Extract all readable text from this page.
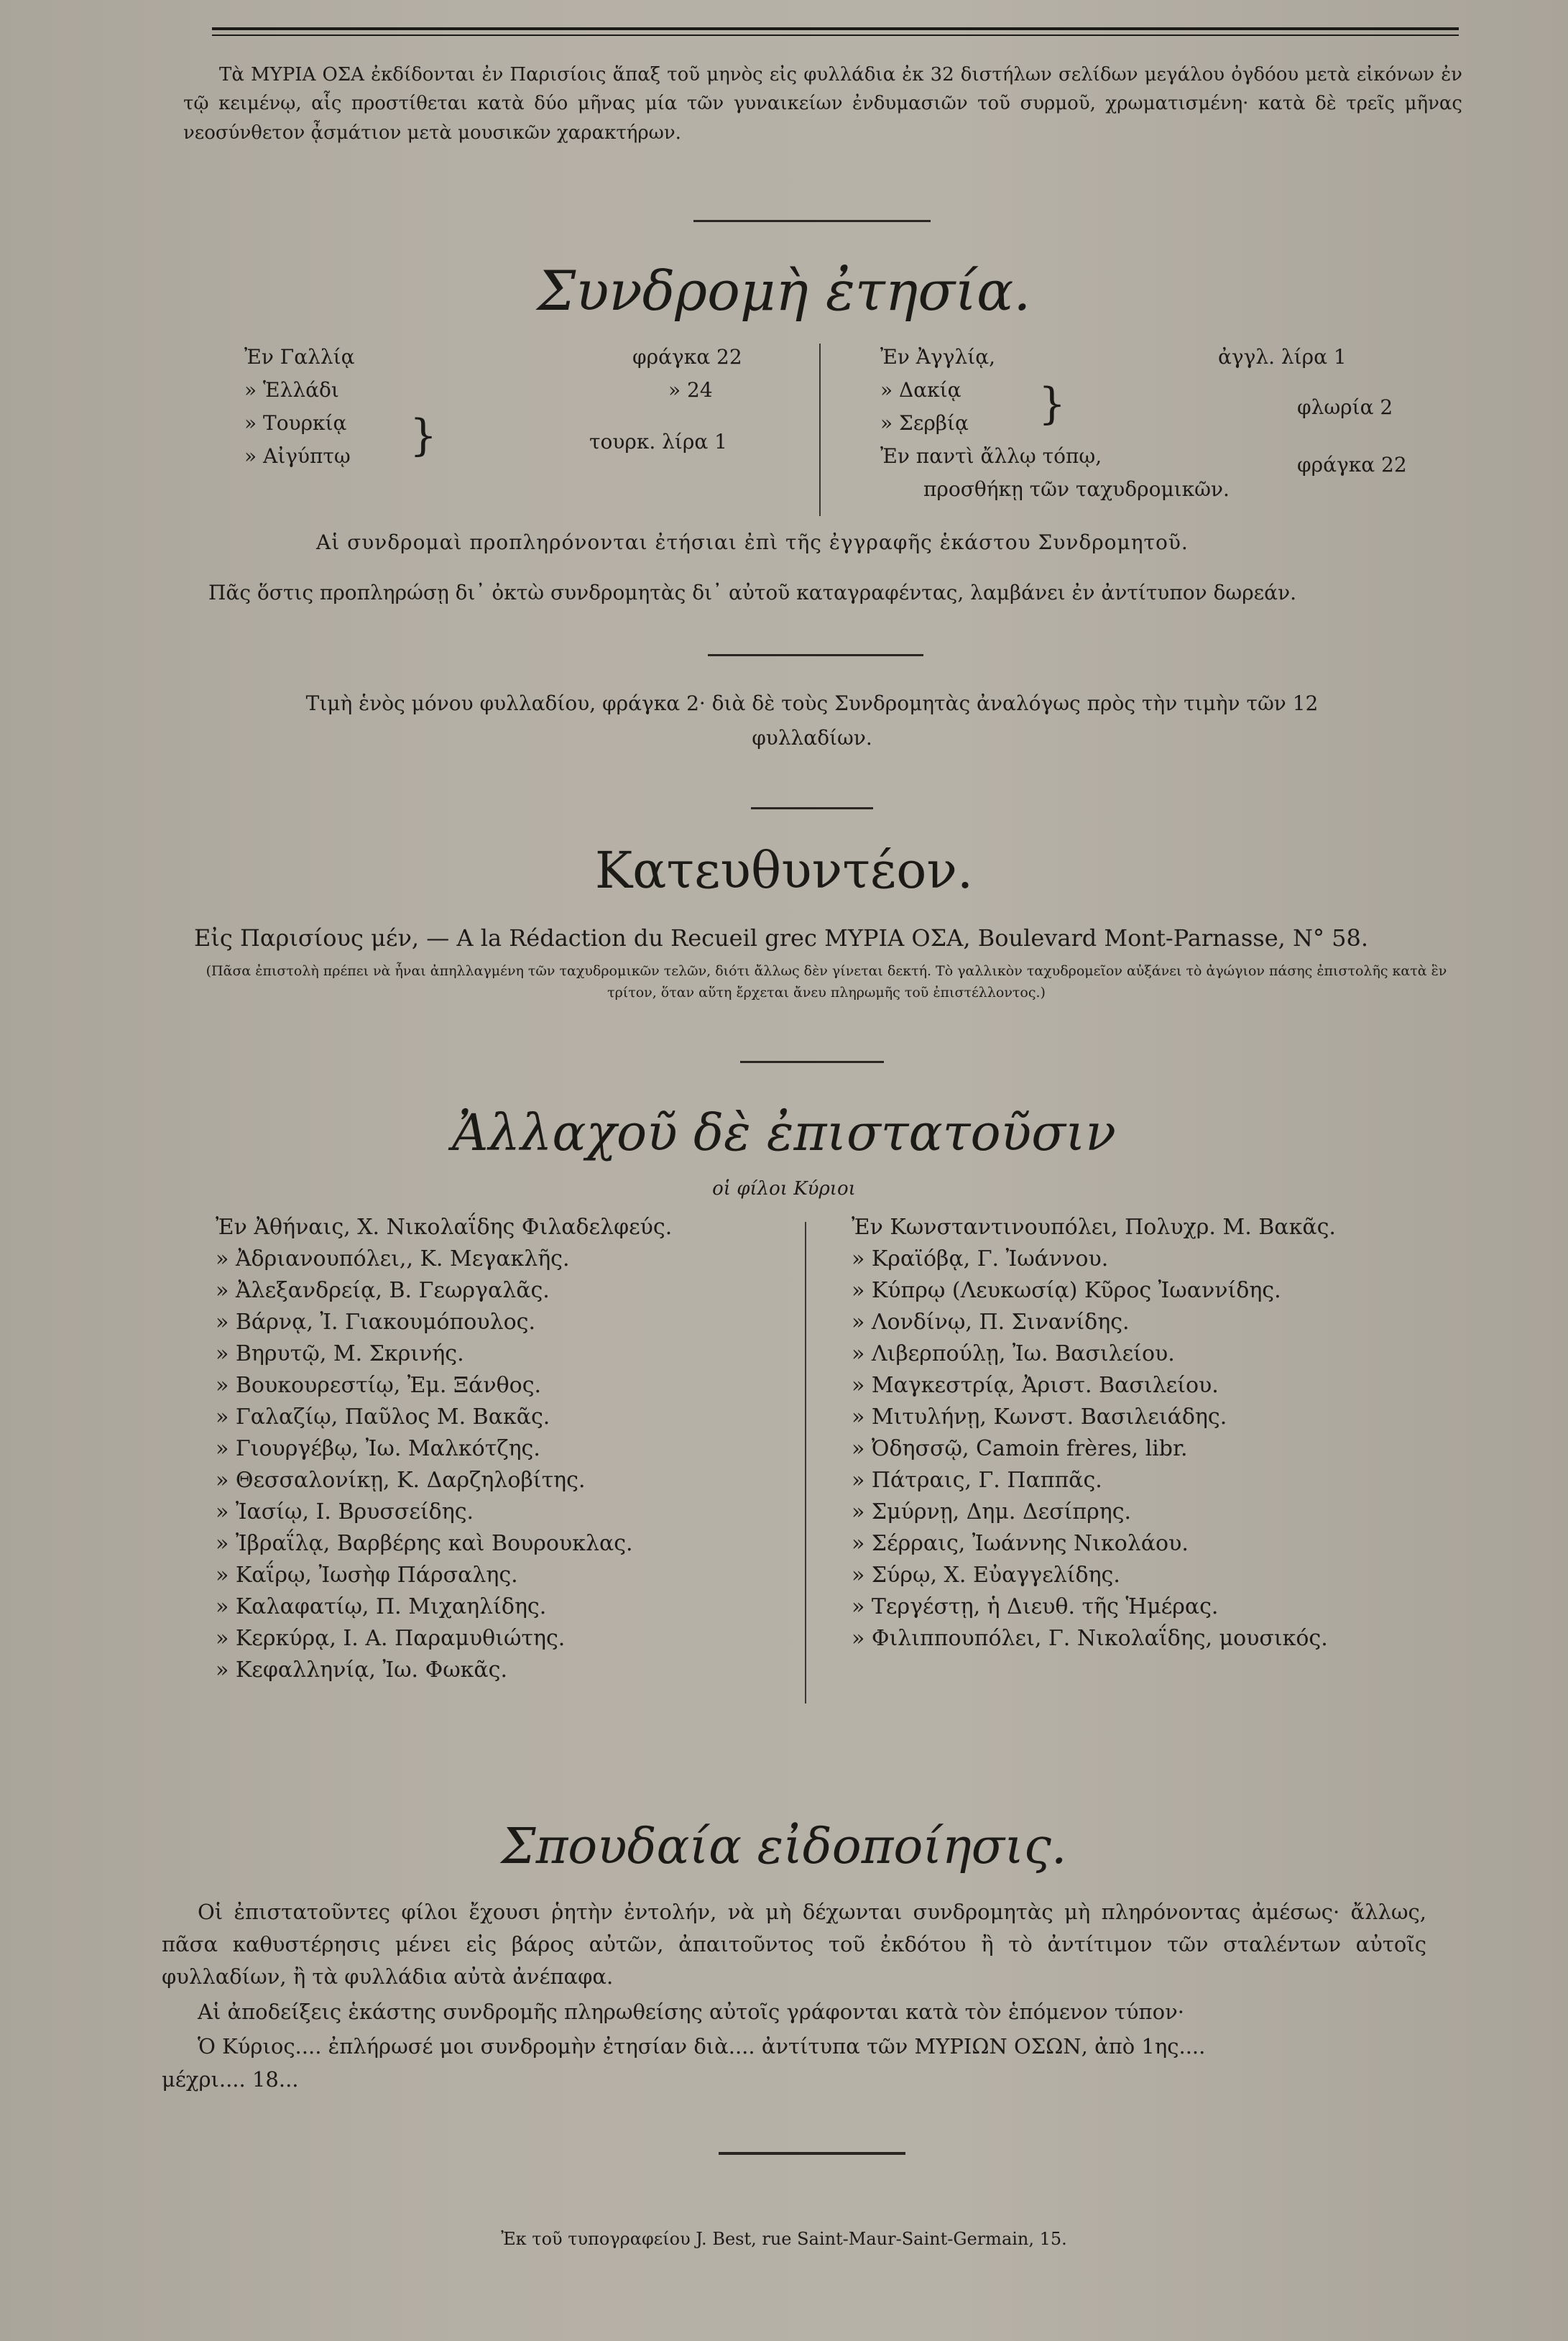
Τὰ ΜΥΡΙΑ ΟΣΑ ἐκδίδονται ἐν Παρισίοις ἅπαξ τοῦ μηνὸς εἰς φυλλάδια ἐκ 32 διστήλων σελίδων μεγάλου ὀγδόου μετὰ εἰκόνων ἐν τῷ κειμένῳ, αἷς προστίθεται κατὰ δύο μῆνας μία τῶν γυναικείων ἐνδυμασιῶν τοῦ συρμοῦ, χρωματισμένη· κατὰ δὲ τρεῖς μῆνας νεοσύνθετον ᾆσμάτιον μετὰ μουσικῶν χαρακτήρων.

Συνδρομὴ ἐτησία.
Ἐν Γαλλίᾳ	φράγκα 22
» Ἑλλάδι	» 24
» Τουρκίᾳ
» Αἰγύπτῳ }	τουρκ. λίρα 1
Ἐν Ἀγγλίᾳ,	ἀγγλ. λίρα 1
» Δακίᾳ
» Σερβίᾳ }	φλωρία 2
Ἐν παντὶ ἄλλῳ τόπῳ,	φράγκα 22
προσθήκῃ τῶν ταχυδρομικῶν.

Αἱ συνδρομαὶ προπληρόνονται ἐτήσιαι ἐπὶ τῆς ἐγγραφῆς ἑκάστου Συνδρομητοῦ.

Πᾶς ὅστις προπληρώσῃ δι᾽ ὀκτὼ συνδρομητὰς δι᾽ αὐτοῦ καταγραφέντας, λαμβάνει ἐν ἀντίτυπον δωρεάν.

Τιμὴ ἑνὸς μόνου φυλλαδίου, φράγκα 2· διὰ δὲ τοὺς Συνδρομητὰς ἀναλόγως πρὸς τὴν τιμὴν τῶν 12 φυλλαδίων.

Κατευθυντέον.

Εἰς Παρισίους μέν, — A la Rédaction du Recueil grec ΜΥΡΙΑ ΟΣΑ, Boulevard Mont-Parnasse, N° 58.

(Πᾶσα ἐπιστολὴ πρέπει νὰ ἦναι ἀπηλλαγμένη τῶν ταχυδρομικῶν τελῶν, διότι ἄλλως δὲν γίνεται δεκτή. Τὸ γαλλικὸν ταχυδρομεῖον αὐξάνει τὸ ἀγώγιον πάσης ἐπιστολῆς κατὰ ἓν τρίτον, ὅταν αὕτη ἔρχεται ἄνευ πληρωμῆς τοῦ ἐπιστέλλοντος.)

Ἀλλαχοῦ δὲ ἐπιστατοῦσιν

οἱ φίλοι Κύριοι

Ἐν Ἀθήναις, Χ. Νικολαΐδης Φιλαδελφεύς.
» Ἀδριανουπόλει,, Κ. Μεγακλῆς.
» Ἀλεξανδρείᾳ, Β. Γεωργαλᾶς.
» Βάρνᾳ, Ἰ. Γιακουμόπουλος.
» Βηρυτῷ, Μ. Σκρινής.
» Βουκουρεστίῳ, Ἐμ. Ξάνθος.
» Γαλαζίῳ, Παῦλος Μ. Βακᾶς.
» Γιουργέβῳ, Ἰω. Μαλκότζης.
» Θεσσαλονίκῃ, Κ. Δαρζηλοβίτης.
» Ἰασίῳ, Ι. Βρυσσείδης.
» Ἰβραΐλᾳ, Βαρβέρης καὶ Βουρουκλας.
» Καΐρῳ, Ἰωσὴφ Πάρσαλης.
» Καλαφατίῳ, Π. Μιχαηλίδης.
» Κερκύρᾳ, Ι. Α. Παραμυθιώτης.
» Κεφαλληνίᾳ, Ἰω. Φωκᾶς.
Ἐν Κωνσταντινουπόλει, Πολυχρ. Μ. Βακᾶς.
» Κραϊόβᾳ, Γ. Ἰωάννου.
» Κύπρῳ (Λευκωσίᾳ) Κῦρος Ἰωαννίδης.
» Λονδίνῳ, Π. Σινανίδης.
» Λιβερπούλῃ, Ἰω. Βασιλείου.
» Μαγκεστρίᾳ, Ἀριστ. Βασιλείου.
» Μιτυλήνῃ, Κωνστ. Βασιλειάδης.
» Ὀδησσῷ, Camoin frères, libr.
» Πάτραις, Γ. Παππᾶς.
» Σμύρνῃ, Δημ. Δεσίπρης.
» Σέρραις, Ἰωάννης Νικολάου.
» Σύρῳ, Χ. Εὐαγγελίδης.
» Τεργέστῃ, ἡ Διευθ. τῆς Ἡμέρας.
» Φιλιππουπόλει, Γ. Νικολαΐδης, μουσικός.
Σπουδαία εἰδοποίησις.

Οἱ ἐπιστατοῦντες φίλοι ἔχουσι ῥητὴν ἐντολήν, νὰ μὴ δέχωνται συνδρομητὰς μὴ πληρόνοντας ἀμέσως· ἄλλως, πᾶσα καθυστέρησις μένει εἰς βάρος αὐτῶν, ἀπαιτοῦντος τοῦ ἐκδότου ἢ τὸ ἀντίτιμον τῶν σταλέντων αὐτοῖς φυλλαδίων, ἢ τὰ φυλλάδια αὐτὰ ἀνέπαφα.

Αἱ ἀποδείξεις ἑκάστης συνδρομῆς πληρωθείσης αὐτοῖς γράφονται κατὰ τὸν ἑπόμενον τύπον·

Ὁ Κύριος.... ἐπλήρωσέ μοι συνδρομὴν ἐτησίαν διὰ.... ἀντίτυπα τῶν ΜΥΡΙΩΝ ΟΣΩΝ, ἀπὸ 1ης....

μέχρι.... 18...

Ἐκ τοῦ τυπογραφείου J. Best, rue Saint-Maur-Saint-Germain, 15.
